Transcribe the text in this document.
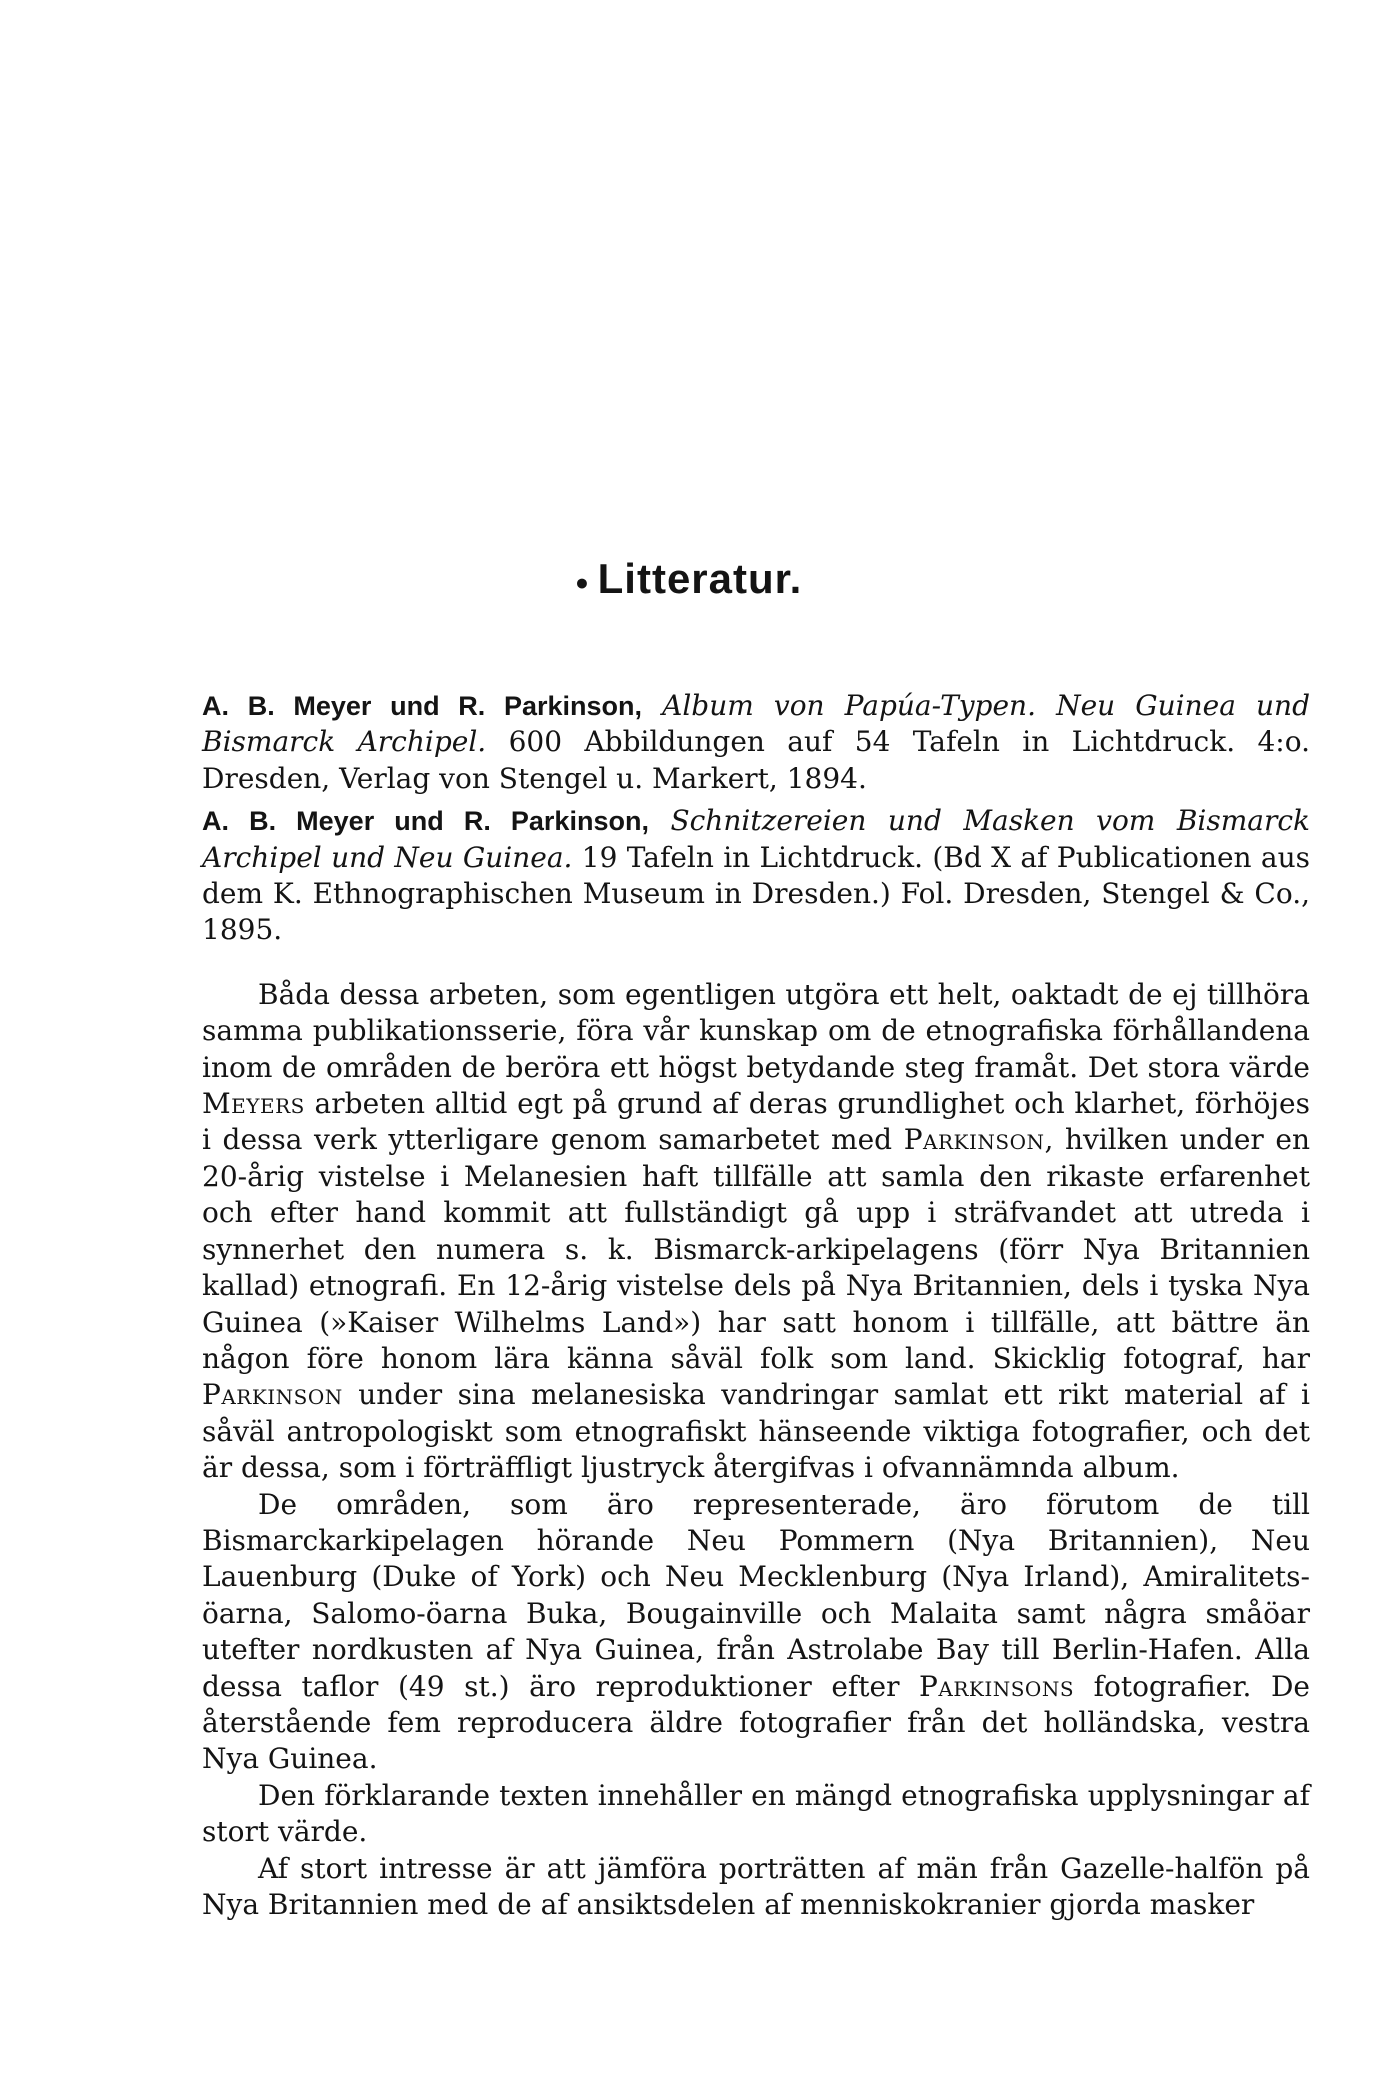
• Litteratur.

A. B. Meyer und R. Parkinson, Album von Papúa-Typen. Neu Guinea und Bismarck Archipel. 600 Abbildungen auf 54 Tafeln in Lichtdruck. 4:o. Dresden, Verlag von Stengel u. Markert, 1894.

A. B. Meyer und R. Parkinson, Schnitzereien und Masken vom Bismarck Archipel und Neu Guinea. 19 Tafeln in Lichtdruck. (Bd X af Publicationen aus dem K. Ethnographischen Museum in Dresden.) Fol. Dresden, Stengel & Co., 1895.

Båda dessa arbeten, som egentligen utgöra ett helt, oaktadt de ej tillhöra samma publikationsserie, föra vår kunskap om de etnografiska förhållandena inom de områden de beröra ett högst betydande steg framåt. Det stora värde Meyers arbeten alltid egt på grund af deras grundlighet och klarhet, förhöjes i dessa verk ytterligare genom samarbetet med Parkinson, hvilken under en 20-årig vistelse i Melanesien haft tillfälle att samla den rikaste erfarenhet och efter hand kommit att fullständigt gå upp i sträfvandet att utreda i synnerhet den numera s. k. Bismarck-arkipelagens (förr Nya Britannien kallad) etnografi. En 12-årig vistelse dels på Nya Britannien, dels i tyska Nya Guinea (»Kaiser Wilhelms Land») har satt honom i tillfälle, att bättre än någon före honom lära känna såväl folk som land. Skicklig fotograf, har Parkinson under sina melanesiska vandringar samlat ett rikt material af i såväl antropologiskt som etnografiskt hänseende viktiga fotografier, och det är dessa, som i förträffligt ljustryck återgifvas i ofvannämnda album.

De områden, som äro representerade, äro förutom de till Bismarckarkipelagen hörande Neu Pommern (Nya Britannien), Neu Lauenburg (Duke of York) och Neu Mecklenburg (Nya Irland), Amiralitets-öarna, Salomo-öarna Buka, Bougainville och Malaita samt några småöar utefter nordkusten af Nya Guinea, från Astrolabe Bay till Berlin-Hafen. Alla dessa taflor (49 st.) äro reproduktioner efter Parkinsons fotografier. De återstående fem reproducera äldre fotografier från det holländska, vestra Nya Guinea.

Den förklarande texten innehåller en mängd etnografiska upplysningar af stort värde.

Af stort intresse är att jämföra porträtten af män från Gazelle-halfön på Nya Britannien med de af ansiktsdelen af menniskokranier gjorda masker
